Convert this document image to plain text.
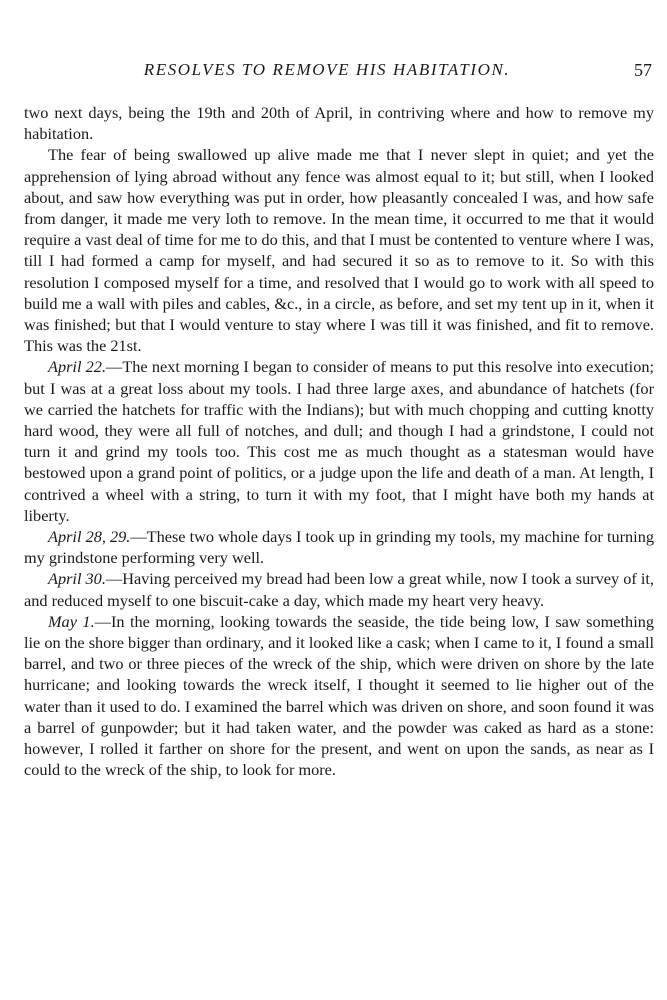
RESOLVES TO REMOVE HIS HABITATION.	57

two next days, being the 19th and 20th of April, in contriving where and how to remove my habitation.

The fear of being swallowed up alive made me that I never slept in quiet; and yet the apprehension of lying abroad without any fence was almost equal to it; but still, when I looked about, and saw how everything was put in order, how pleasantly concealed I was, and how safe from danger, it made me very loth to remove. In the mean time, it occurred to me that it would require a vast deal of time for me to do this, and that I must be contented to venture where I was, till I had formed a camp for myself, and had secured it so as to remove to it. So with this resolution I composed myself for a time, and resolved that I would go to work with all speed to build me a wall with piles and cables, &c., in a circle, as before, and set my tent up in it, when it was finished; but that I would venture to stay where I was till it was finished, and fit to remove. This was the 21st.

April 22.—The next morning I began to consider of means to put this resolve into execution; but I was at a great loss about my tools. I had three large axes, and abundance of hatchets (for we carried the hatchets for traffic with the Indians); but with much chopping and cutting knotty hard wood, they were all full of notches, and dull; and though I had a grindstone, I could not turn it and grind my tools too. This cost me as much thought as a statesman would have bestowed upon a grand point of politics, or a judge upon the life and death of a man. At length, I contrived a wheel with a string, to turn it with my foot, that I might have both my hands at liberty.

April 28, 29.—These two whole days I took up in grinding my tools, my machine for turning my grindstone performing very well.

April 30.—Having perceived my bread had been low a great while, now I took a survey of it, and reduced myself to one biscuit-cake a day, which made my heart very heavy.

May 1.—In the morning, looking towards the seaside, the tide being low, I saw something lie on the shore bigger than ordinary, and it looked like a cask; when I came to it, I found a small barrel, and two or three pieces of the wreck of the ship, which were driven on shore by the late hurricane; and looking towards the wreck itself, I thought it seemed to lie higher out of the water than it used to do. I examined the barrel which was driven on shore, and soon found it was a barrel of gunpowder; but it had taken water, and the powder was caked as hard as a stone: however, I rolled it farther on shore for the present, and went on upon the sands, as near as I could to the wreck of the ship, to look for more.
